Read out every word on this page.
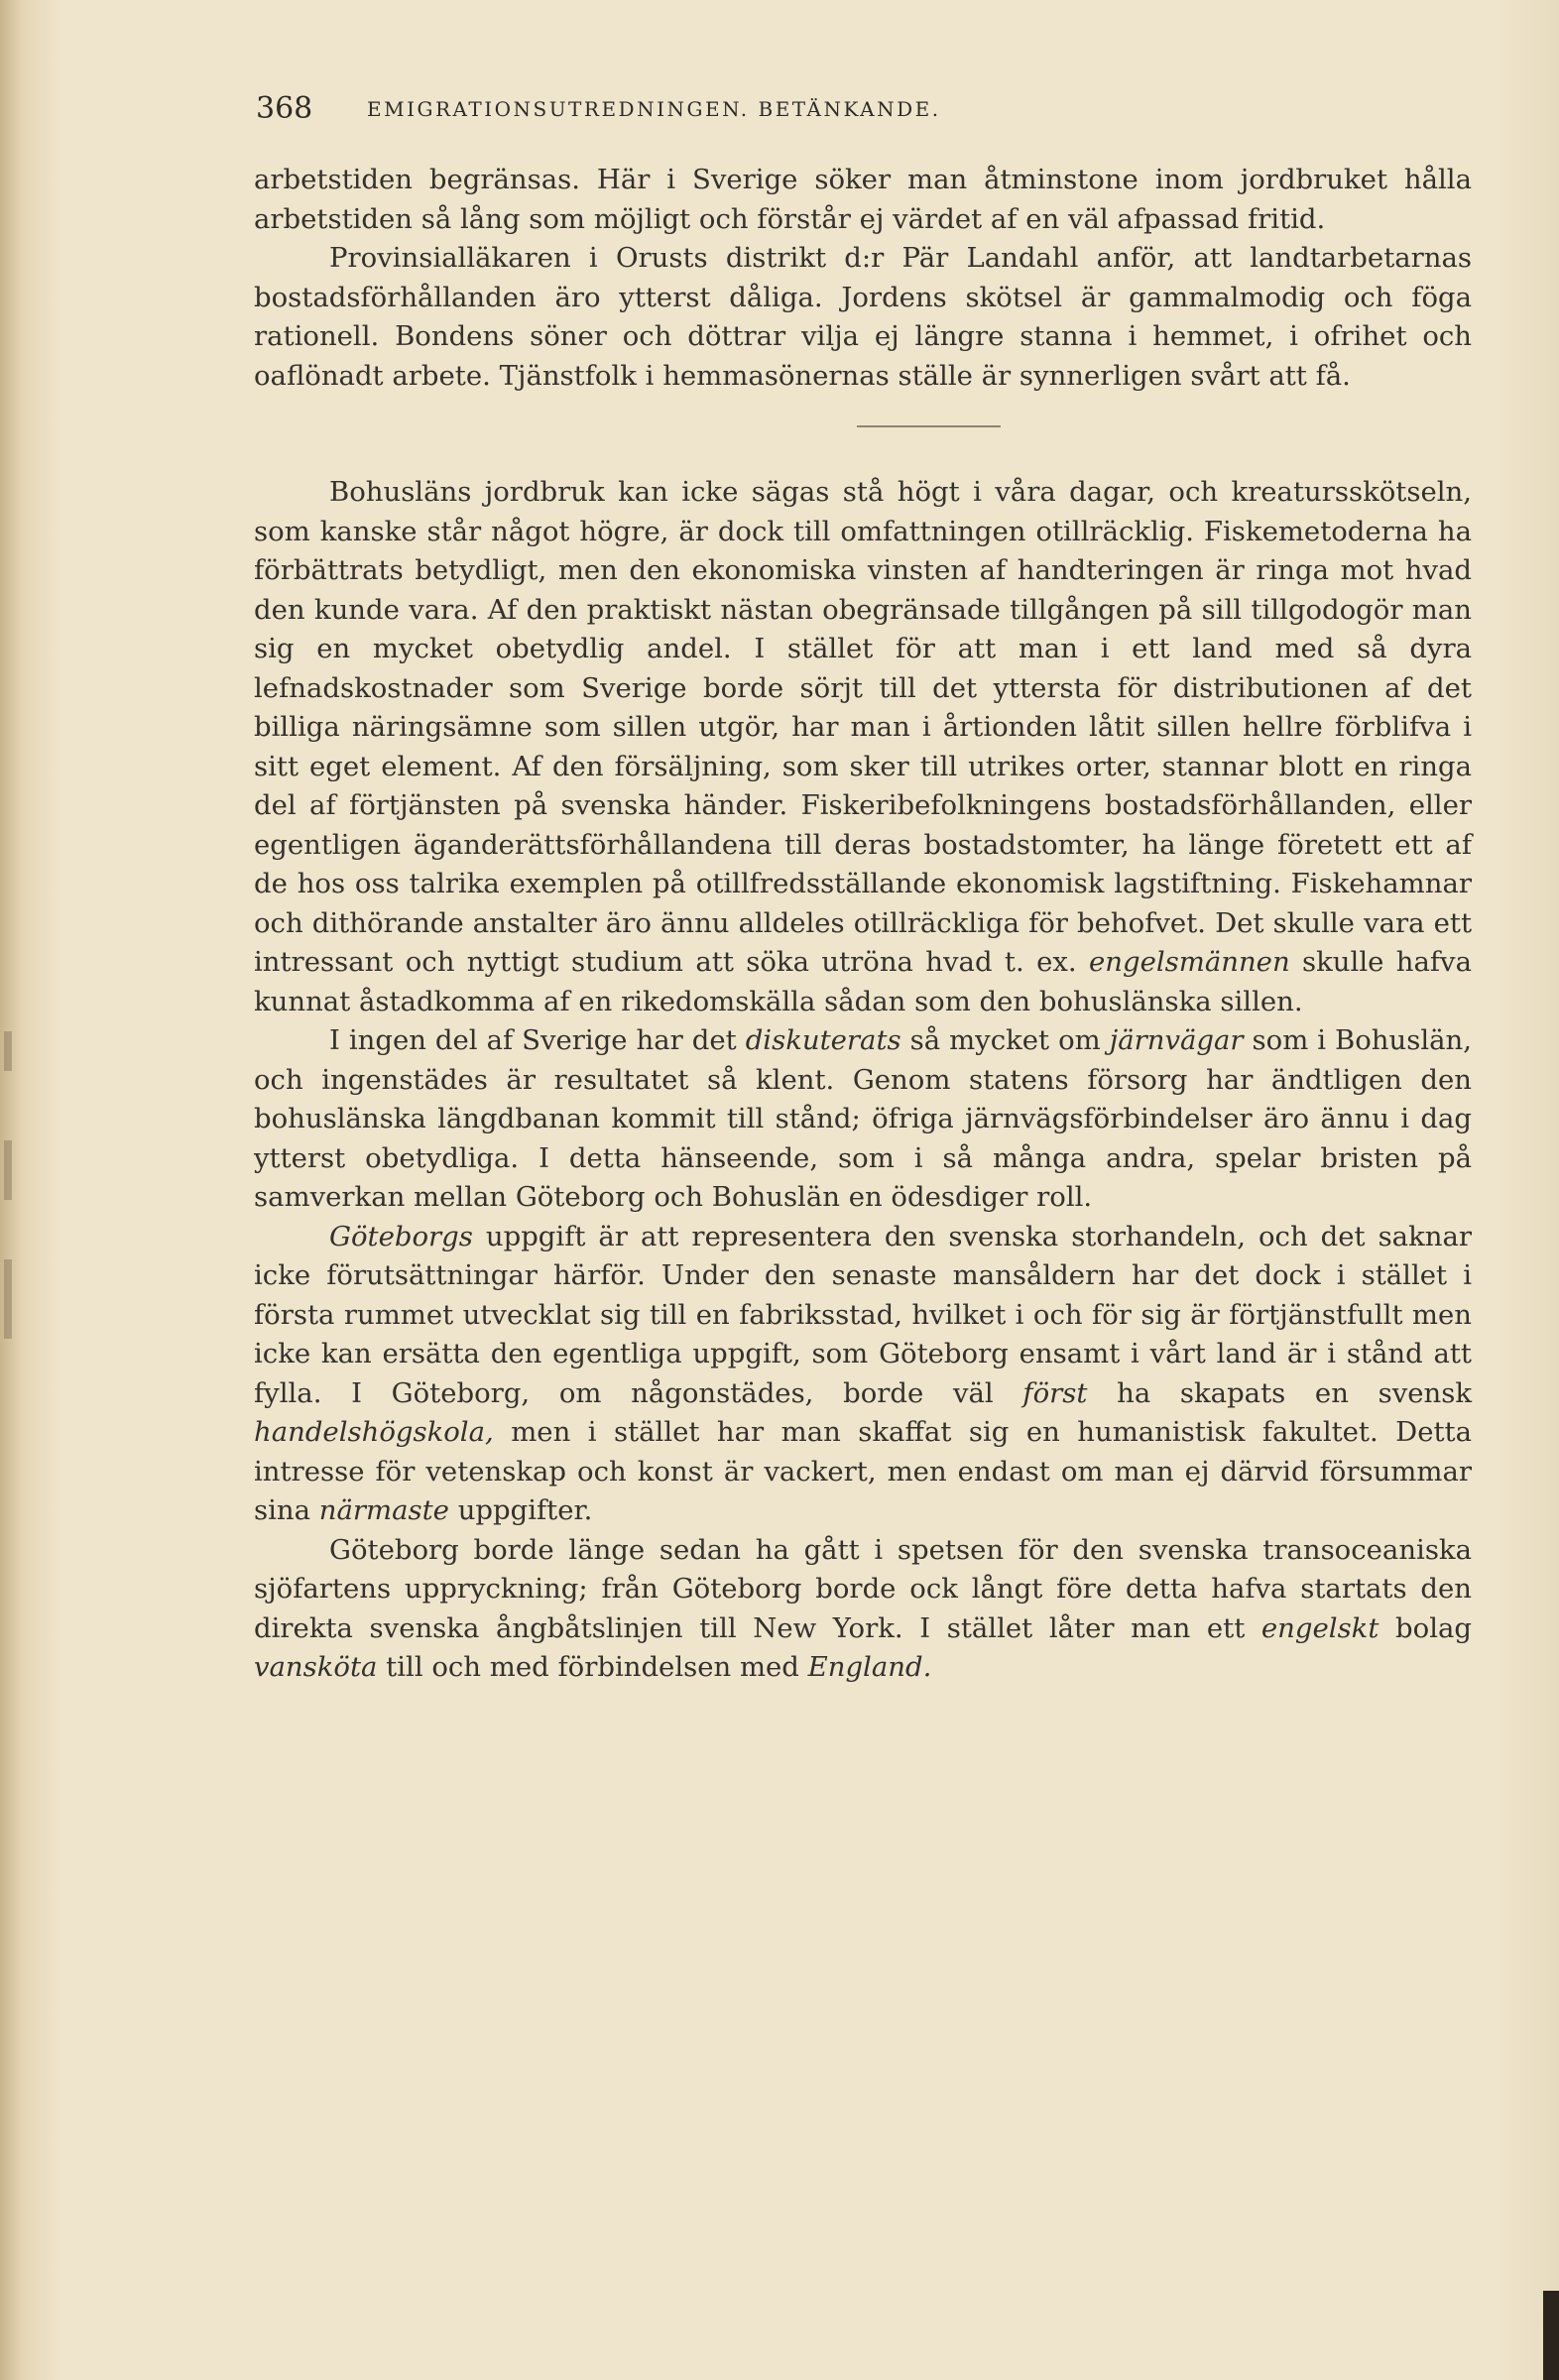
368	EMIGRATIONSUTREDNINGEN. BETÄNKANDE.

arbetstiden begränsas. Här i Sverige söker man åtminstone inom jordbruket hålla arbetstiden så lång som möjligt och förstår ej värdet af en väl afpassad fritid.

Provinsialläkaren i Orusts distrikt d:r Pär Landahl anför, att landtarbetarnas bostadsförhållanden äro ytterst dåliga. Jordens skötsel är gammalmodig och föga rationell. Bondens söner och döttrar vilja ej längre stanna i hemmet, i ofrihet och oaflönadt arbete. Tjänstfolk i hemmasönernas ställe är synnerligen svårt att få.

Bohusläns jordbruk kan icke sägas stå högt i våra dagar, och kreatursskötseln, som kanske står något högre, är dock till omfattningen otillräcklig. Fiskemetoderna ha förbättrats betydligt, men den ekonomiska vinsten af handteringen är ringa mot hvad den kunde vara. Af den praktiskt nästan obegränsade tillgången på sill tillgodogör man sig en mycket obetydlig andel. I stället för att man i ett land med så dyra lefnadskostnader som Sverige borde sörjt till det yttersta för distributionen af det billiga näringsämne som sillen utgör, har man i årtionden låtit sillen hellre förblifva i sitt eget element. Af den försäljning, som sker till utrikes orter, stannar blott en ringa del af förtjänsten på svenska händer. Fiskeribefolkningens bostadsförhållanden, eller egentligen äganderättsförhållandena till deras bostadstomter, ha länge företett ett af de hos oss talrika exemplen på otillfredsställande ekonomisk lagstiftning. Fiskehamnar och dithörande anstalter äro ännu alldeles otillräckliga för behofvet. Det skulle vara ett intressant och nyttigt studium att söka utröna hvad t. ex. engelsmännen skulle hafva kunnat åstadkomma af en rikedomskälla sådan som den bohuslänska sillen.

I ingen del af Sverige har det diskuterats så mycket om järnvägar som i Bohuslän, och ingenstädes är resultatet så klent. Genom statens försorg har ändtligen den bohuslänska längdbanan kommit till stånd; öfriga järnvägsförbindelser äro ännu i dag ytterst obetydliga. I detta hänseende, som i så många andra, spelar bristen på samverkan mellan Göteborg och Bohuslän en ödesdiger roll.

Göteborgs uppgift är att representera den svenska storhandeln, och det saknar icke förutsättningar härför. Under den senaste mansåldern har det dock i stället i första rummet utvecklat sig till en fabriksstad, hvilket i och för sig är förtjänstfullt men icke kan ersätta den egentliga uppgift, som Göteborg ensamt i vårt land är i stånd att fylla. I Göteborg, om någonstädes, borde väl först ha skapats en svensk handelshögskola, men i stället har man skaffat sig en humanistisk fakultet. Detta intresse för vetenskap och konst är vackert, men endast om man ej därvid försummar sina närmaste uppgifter.

Göteborg borde länge sedan ha gått i spetsen för den svenska transoceaniska sjöfartens uppryckning; från Göteborg borde ock långt före detta hafva startats den direkta svenska ångbåtslinjen till New York. I stället låter man ett engelskt bolag vansköta till och med förbindelsen med England.
